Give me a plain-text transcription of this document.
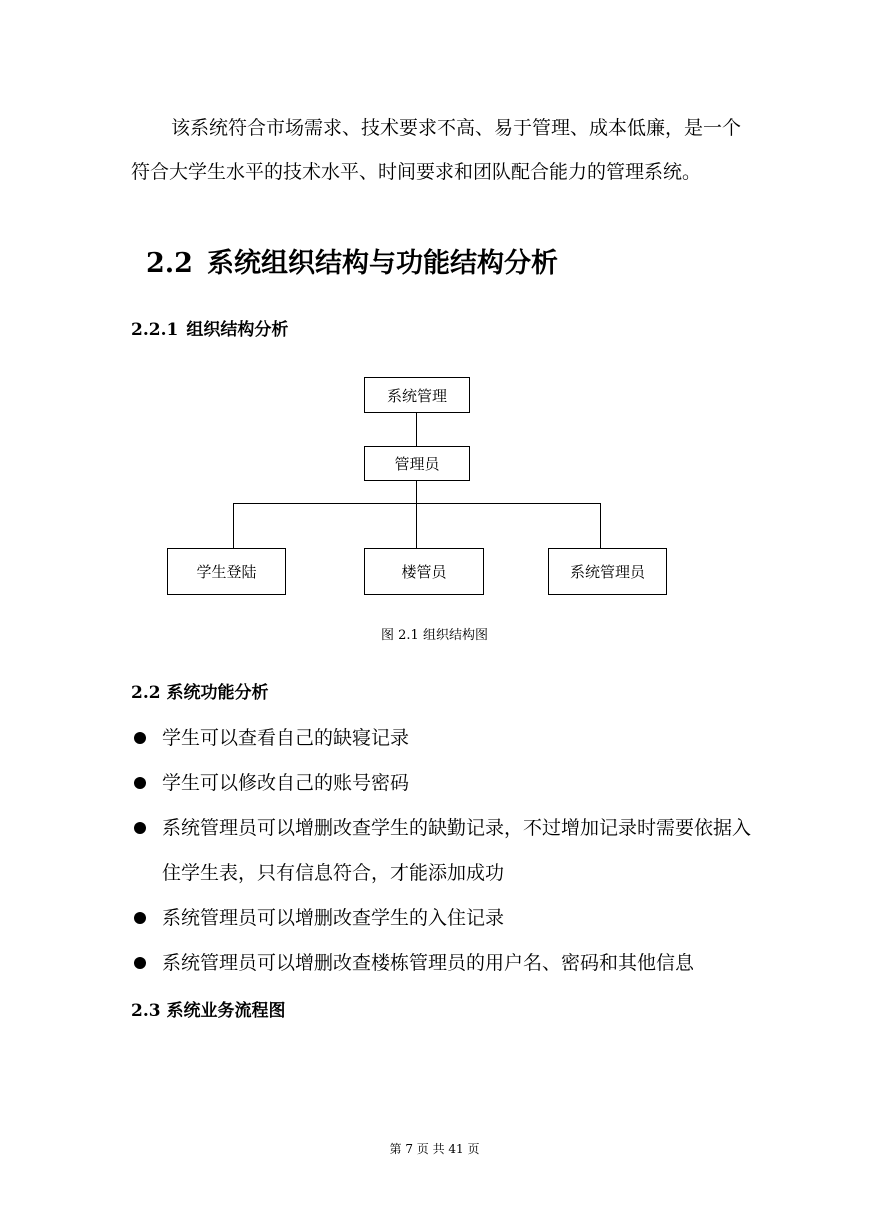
该系统符合市场需求、技术要求不高、易于管理、成本低廉，是一个符合大学生水平的技术水平、时间要求和团队配合能力的管理系统。

2.2 系统组织结构与功能结构分析
2.2.1 组织结构分析
系统管理
管理员
学生登陆	楼管员	系统管理员
图 2.1 组织结构图
2.2 系统功能分析
学生可以查看自己的缺寝记录
学生可以修改自己的账号密码
系统管理员可以增删改查学生的缺勤记录，不过增加记录时需要依据入住学生表，只有信息符合，才能添加成功
系统管理员可以增删改查学生的入住记录
系统管理员可以增删改查楼栋管理员的用户名、密码和其他信息
2.3 系统业务流程图
第 7 页 共 41 页
